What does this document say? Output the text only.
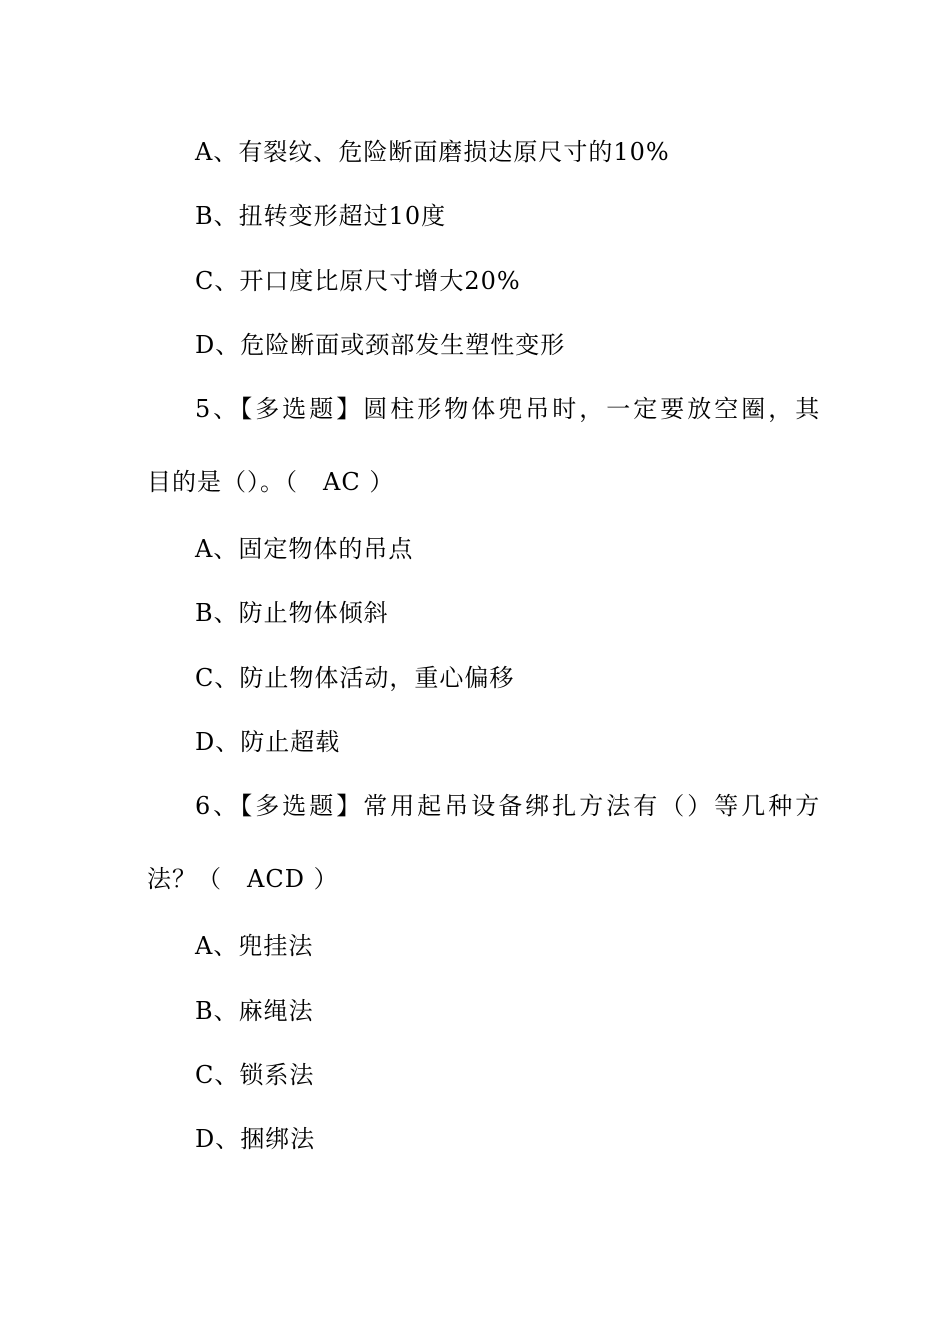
A、有裂纹、危险断面磨损达原尺寸的10%
B、扭转变形超过10度
C、开口度比原尺寸增大20%
D、危险断面或颈部发生塑性变形
5、【多选题】圆柱形物体兜吊时，一定要放空圈，其
目的是（）。（　AC ）
A、固定物体的吊点
B、防止物体倾斜
C、防止物体活动，重心偏移
D、防止超载
6、【多选题】常用起吊设备绑扎方法有（）等几种方
法？（　ACD ）
A、兜挂法
B、麻绳法
C、锁系法
D、捆绑法
